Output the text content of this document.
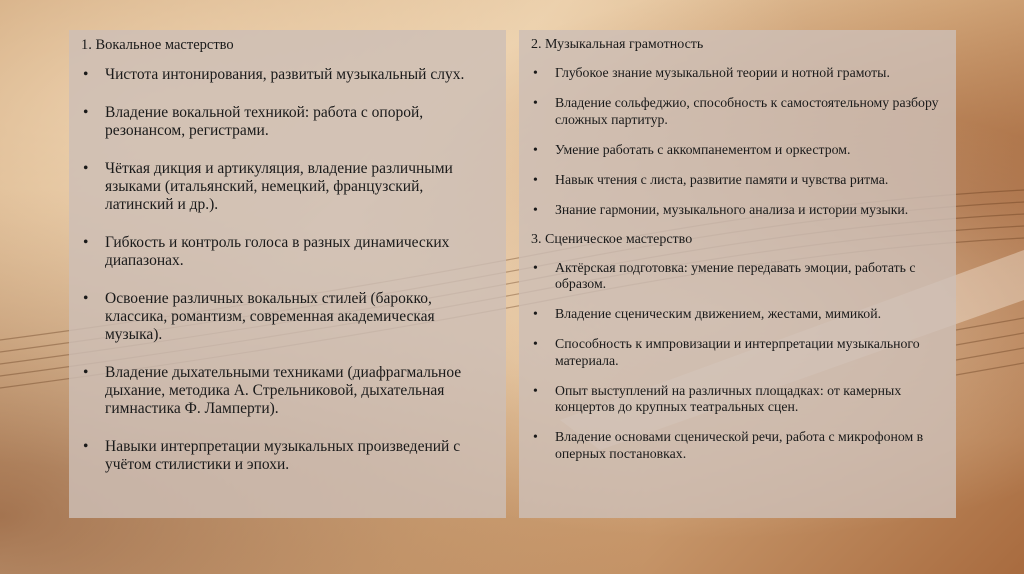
1. Вокальное мастерство
• Чистота интонирования, развитый музыкальный слух.
• Владение вокальной техникой: работа с опорой, резонансом, регистрами.
• Чёткая дикция и артикуляция, владение различными языками (итальянский, немецкий, французский, латинский и др.).
• Гибкость и контроль голоса в разных динамических диапазонах.
• Освоение различных вокальных стилей (барокко, классика, романтизм, современная академическая музыка).
• Владение дыхательными техниками (диафрагмальное дыхание, методика А. Стрельниковой, дыхательная гимнастика Ф. Ламперти).
• Навыки интерпретации музыкальных произведений с учётом стилистики и эпохи.
2. Музыкальная грамотность
• Глубокое знание музыкальной теории и нотной грамоты.
• Владение сольфеджио, способность к самостоятельному разбору сложных партитур.
• Умение работать с аккомпанементом и оркестром.
• Навык чтения с листа, развитие памяти и чувства ритма.
• Знание гармонии, музыкального анализа и истории музыки.
3. Сценическое мастерство
• Актёрская подготовка: умение передавать эмоции, работать с образом.
• Владение сценическим движением, жестами, мимикой.
• Способность к импровизации и интерпретации музыкального материала.
• Опыт выступлений на различных площадках: от камерных концертов до крупных театральных сцен.
• Владение основами сценической речи, работа с микрофоном в оперных постановках.
